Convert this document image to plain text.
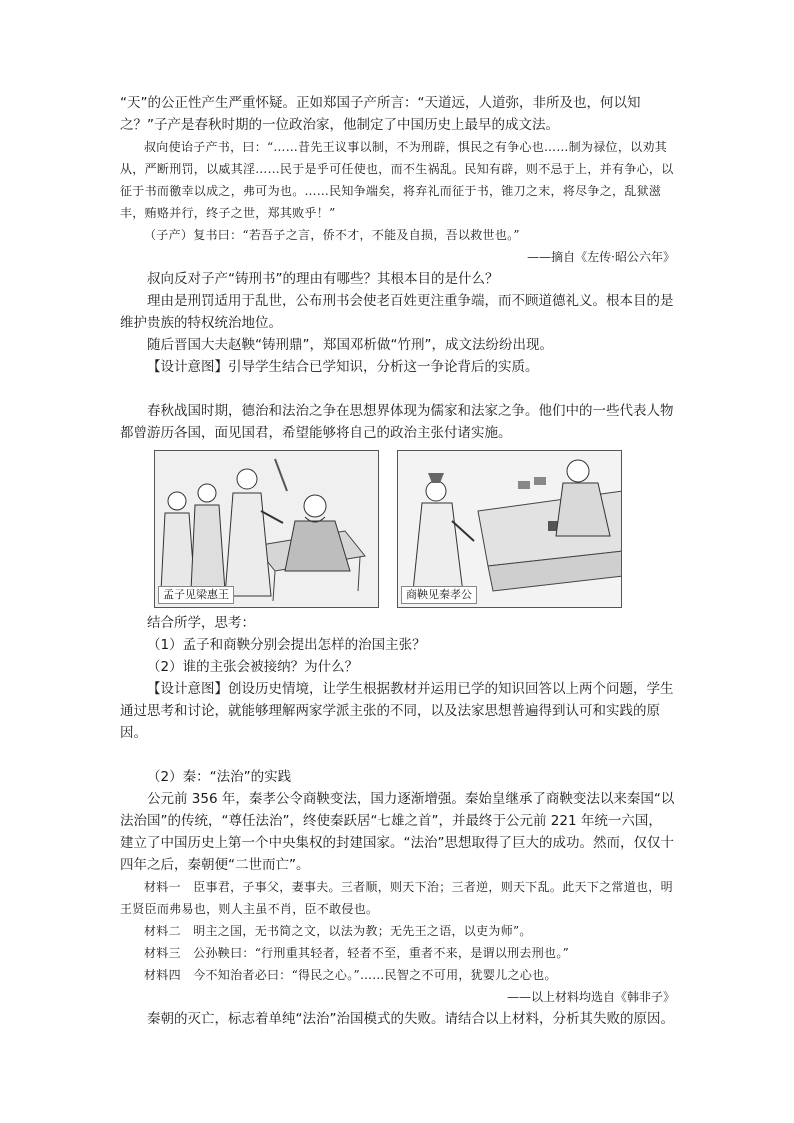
“天”的公正性产生严重怀疑。正如郑国子产所言：“天道远，人道弥，非所及也，何以知之？”子产是春秋时期的一位政治家，他制定了中国历史上最早的成文法。

叔向使诒子产书，曰：“……昔先王议事以制，不为刑辟，惧民之有争心也……制为禄位，以劝其从，严断刑罚，以威其淫……民于是乎可任使也，而不生祸乱。民知有辟，则不忌于上，并有争心，以征于书而徼幸以成之，弗可为也。……民知争端矣，将弃礼而征于书，锥刀之末，将尽争之，乱狱滋丰，贿赂并行，终子之世，郑其败乎！”

（子产）复书曰：“若吾子之言，侨不才，不能及自损，吾以救世也。”

——摘自《左传·昭公六年》

叔向反对子产“铸刑书”的理由有哪些？其根本目的是什么？

理由是刑罚适用于乱世，公布刑书会使老百姓更注重争端，而不顾道德礼义。根本目的是维护贵族的特权统治地位。

随后晋国大夫赵鞅“铸刑鼎”，郑国邓析做“竹刑”，成文法纷纷出现。

【设计意图】引导学生结合已学知识，分析这一争论背后的实质。

春秋战国时期，德治和法治之争在思想界体现为儒家和法家之争。他们中的一些代表人物都曾游历各国，面见国君，希望能够将自己的政治主张付诸实施。

孟子见梁惠王	商鞅见秦孝公

结合所学，思考：

（1）孟子和商鞅分别会提出怎样的治国主张？

（2）谁的主张会被接纳？为什么？

【设计意图】创设历史情境，让学生根据教材并运用已学的知识回答以上两个问题，学生通过思考和讨论，就能够理解两家学派主张的不同，以及法家思想普遍得到认可和实践的原因。

（2）秦：“法治”的实践

公元前 356 年，秦孝公令商鞅变法，国力逐渐增强。秦始皇继承了商鞅变法以来秦国“以法治国”的传统，“尊任法治”，终使秦跃居“七雄之首”，并最终于公元前 221 年统一六国，建立了中国历史上第一个中央集权的封建国家。“法治”思想取得了巨大的成功。然而，仅仅十四年之后，秦朝便“二世而亡”。

材料一　臣事君，子事父，妻事夫。三者顺，则天下治；三者逆，则天下乱。此天下之常道也，明王贤臣而弗易也，则人主虽不肖，臣不敢侵也。

材料二　明主之国，无书简之文，以法为教；无先王之语，以吏为师”。

材料三　公孙鞅曰：“行刑重其轻者，轻者不至，重者不来，是谓以刑去刑也。”

材料四　今不知治者必曰：“得民之心。”……民智之不可用，犹婴儿之心也。

——以上材料均选自《韩非子》

秦朝的灭亡，标志着单纯“法治”治国模式的失败。请结合以上材料，分析其失败的原因。
